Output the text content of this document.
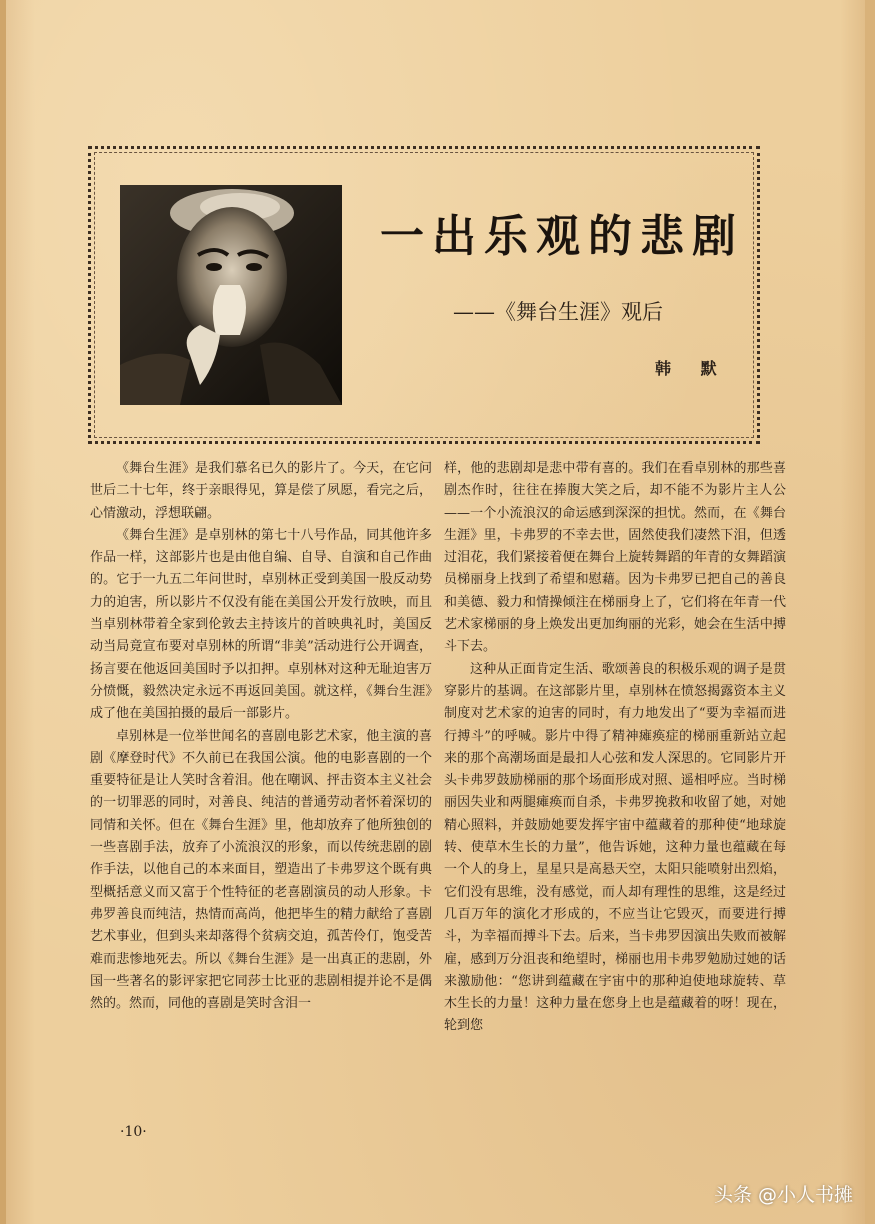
一出乐观的悲剧
——《舞台生涯》观后
韩 默

《舞台生涯》是我们慕名已久的影片了。今天，在它问世后二十七年，终于亲眼得见，算是偿了夙愿，看完之后，心情激动，浮想联翩。

《舞台生涯》是卓别林的第七十八号作品，同其他许多作品一样，这部影片也是由他自编、自导、自演和自己作曲的。它于一九五二年问世时，卓别林正受到美国一股反动势力的迫害，所以影片不仅没有能在美国公开发行放映，而且当卓别林带着全家到伦敦去主持该片的首映典礼时，美国反动当局竟宣布要对卓别林的所谓“非美”活动进行公开调查，扬言要在他返回美国时予以扣押。卓别林对这种无耻迫害万分愤慨，毅然决定永远不再返回美国。就这样，《舞台生涯》成了他在美国拍摄的最后一部影片。

卓别林是一位举世闻名的喜剧电影艺术家，他主演的喜剧《摩登时代》不久前已在我国公演。他的电影喜剧的一个重要特征是让人笑时含着泪。他在嘲讽、抨击资本主义社会的一切罪恶的同时，对善良、纯洁的普通劳动者怀着深切的同情和关怀。但在《舞台生涯》里，他却放弃了他所独创的一些喜剧手法，放弃了小流浪汉的形象，而以传统悲剧的剧作手法，以他自己的本来面目，塑造出了卡弗罗这个既有典型概括意义而又富于个性特征的老喜剧演员的动人形象。卡弗罗善良而纯洁，热情而高尚，他把毕生的精力献给了喜剧艺术事业，但到头来却落得个贫病交迫，孤苦伶仃，饱受苦难而悲惨地死去。所以《舞台生涯》是一出真正的悲剧，外国一些著名的影评家把它同莎士比亚的悲剧相提并论不是偶然的。然而，同他的喜剧是笑时含泪一

样，他的悲剧却是悲中带有喜的。我们在看卓别林的那些喜剧杰作时，往往在捧腹大笑之后，却不能不为影片主人公——一个小流浪汉的命运感到深深的担忧。然而，在《舞台生涯》里，卡弗罗的不幸去世，固然使我们凄然下泪，但透过泪花，我们紧接着便在舞台上旋转舞蹈的年青的女舞蹈演员梯丽身上找到了希望和慰藉。因为卡弗罗已把自己的善良和美德、毅力和情操倾注在梯丽身上了，它们将在年青一代艺术家梯丽的身上焕发出更加绚丽的光彩，她会在生活中搏斗下去。

这种从正面肯定生活、歌颂善良的积极乐观的调子是贯穿影片的基调。在这部影片里，卓别林在愤怒揭露资本主义制度对艺术家的迫害的同时，有力地发出了“要为幸福而进行搏斗”的呼喊。影片中得了精神瘫痪症的梯丽重新站立起来的那个高潮场面是最扣人心弦和发人深思的。它同影片开头卡弗罗鼓励梯丽的那个场面形成对照、遥相呼应。当时梯丽因失业和两腿瘫痪而自杀，卡弗罗挽救和收留了她，对她精心照料，并鼓励她要发挥宇宙中蕴藏着的那种使“地球旋转、使草木生长的力量”，他告诉她，这种力量也蕴藏在每一个人的身上，星星只是高悬天空，太阳只能喷射出烈焰，它们没有思维，没有感觉，而人却有理性的思维，这是经过几百万年的演化才形成的，不应当让它毁灭，而要进行搏斗，为幸福而搏斗下去。后来，当卡弗罗因演出失败而被解雇，感到万分沮丧和绝望时，梯丽也用卡弗罗勉励过她的话来激励他：“您讲到蕴藏在宇宙中的那种迫使地球旋转、草木生长的力量！这种力量在您身上也是蕴藏着的呀！现在，轮到您

·10·
头条 @小人书摊
